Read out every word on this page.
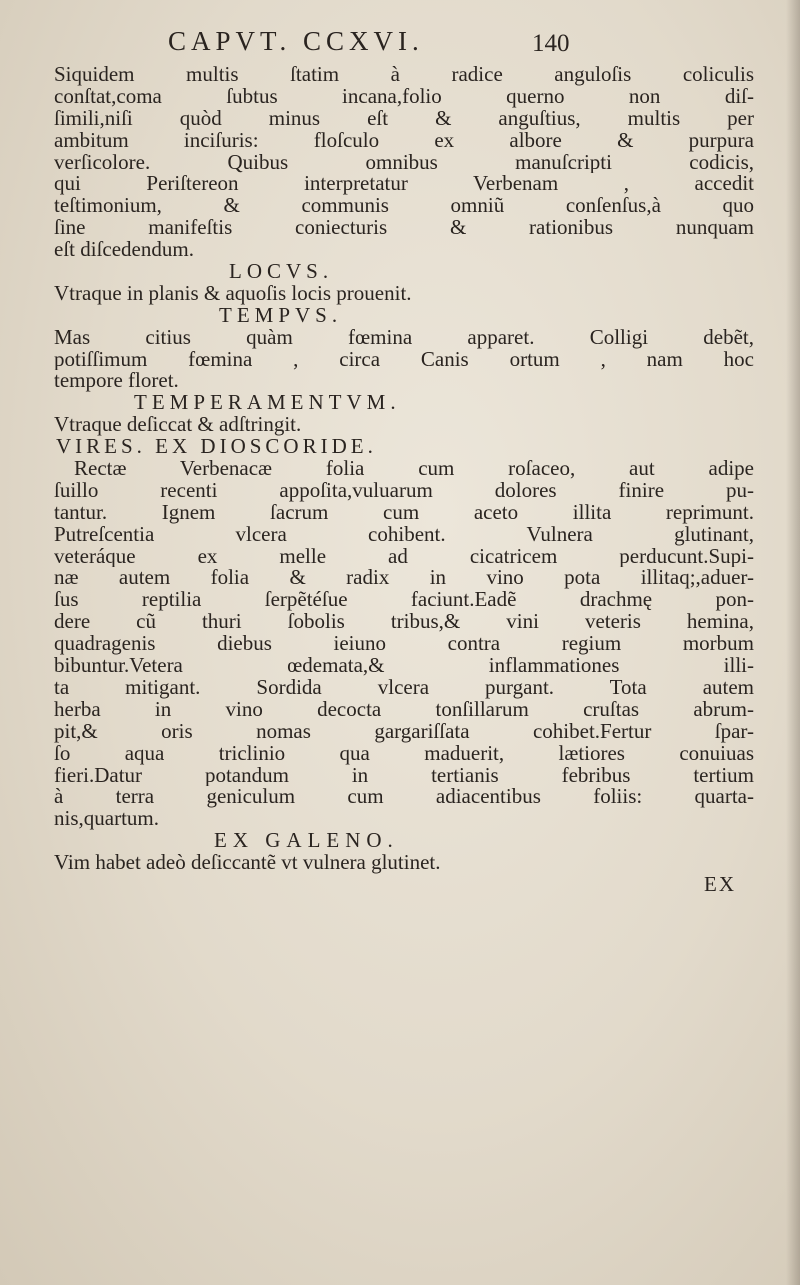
CAPVT. CCXVI.	140
Siquidem multis ſtatim à radice anguloſis coliculis
conſtat,coma ſubtus incana,folio querno non diſ-
ſimili,niſi quòd minus eſt & anguſtius, multis per
ambitum inciſuris: floſculo ex albore & purpura
verſicolore. Quibus omnibus manuſcripti codicis,
qui Periſtereon interpretatur Verbenam , accedit
teſtimonium, & communis omniũ conſenſus,à quo
ſine manifeſtis coniecturis & rationibus nunquam
eſt diſcedendum.
LOCVS.
Vtraque in planis & aquoſis locis prouenit.
TEMPVS.
Mas citius quàm fœmina apparet. Colligi debẽt,
potiſſimum fœmina , circa Canis ortum , nam hoc
tempore floret.
TEMPERAMENTVM.
Vtraque deſiccat & adſtringit.
VIRES. EX DIOSCORIDE.
Rectæ Verbenacæ folia cum roſaceo, aut adipe
ſuillo recenti appoſita,vuluarum dolores finire pu-
tantur. Ignem ſacrum cum aceto illita reprimunt.
Putreſcentia vlcera cohibent. Vulnera glutinant,
veteráque ex melle ad cicatricem perducunt.Supi-
næ autem folia & radix in vino pota illitaq;,aduer-
ſus reptilia ſerpẽtéſue faciunt.Eadẽ drachmę pon-
dere cũ thuri ſobolis tribus,& vini veteris hemina,
quadragenis diebus ieiuno contra regium morbum
bibuntur.Vetera œdemata,& inflammationes illi-
ta mitigant. Sordida vlcera purgant. Tota autem
herba in vino decocta tonſillarum cruſtas abrum-
pit,& oris nomas gargariſſata cohibet.Fertur ſpar-
ſo aqua triclinio qua maduerit, lætiores conuiuas
fieri.Datur potandum in tertianis febribus tertium
à terra geniculum cum adiacentibus foliis: quarta-
nis,quartum.
EX GALENO.
Vim habet adeò deſiccantẽ vt vulnera glutinet.
EX
